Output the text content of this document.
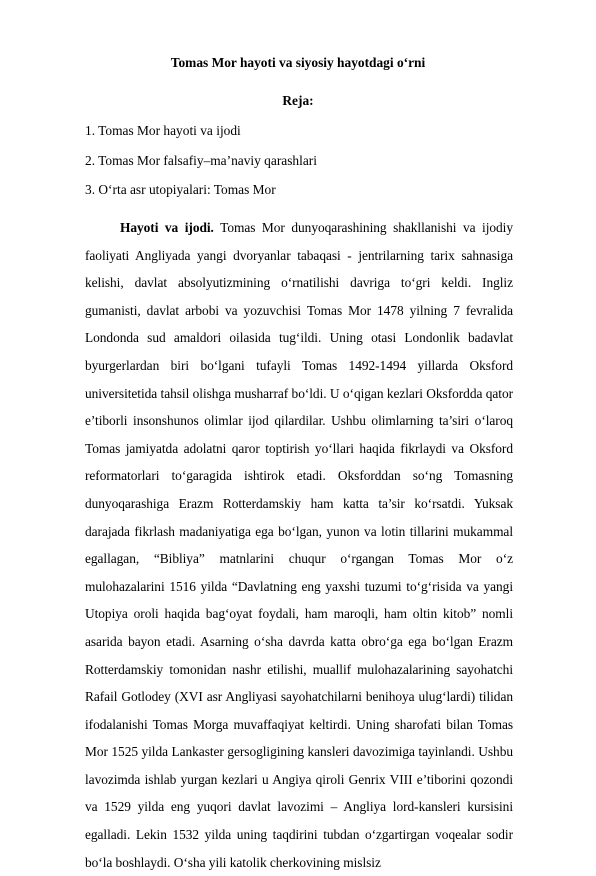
Tomas Mor hayoti va siyosiy hayotdagi o‘rni
Reja:
1. Tomas Mor hayoti va ijodi
2. Tomas Mor falsafiy–ma’naviy qarashlari
3. O‘rta asr utopiyalari: Tomas Mor

Hayoti va ijodi. Tomas Mor dunyoqarashining shakllanishi va ijodiy faoliyati Angliyada yangi dvoryanlar tabaqasi - jentrilarning tarix sahnasiga kelishi, davlat absolyutizmining o‘rnatilishi davriga to‘gri keldi. Ingliz gumanisti, davlat arbobi va yozuvchisi Tomas Mor 1478 yilning 7 fevralida Londonda sud amaldori oilasida tug‘ildi. Uning otasi Londonlik badavlat byurgerlardan biri bo‘lgani tufayli Tomas 1492-1494 yillarda Oksford universitetida tahsil olishga musharraf bo‘ldi. U o‘qigan kezlari Oksfordda qator e’tiborli insonshunos olimlar ijod qilardilar. Ushbu olimlarning ta’siri o‘laroq Tomas jamiyatda adolatni qaror toptirish yo‘llari haqida fikrlaydi va Oksford reformatorlari to‘garagida ishtirok etadi. Oksforddan so‘ng Tomasning dunyoqarashiga Erazm Rotterdamskiy ham katta ta’sir ko‘rsatdi. Yuksak darajada fikrlash madaniyatiga ega bo‘lgan, yunon va lotin tillarini mukammal egallagan, “Bibliya” matnlarini chuqur o‘rgangan Tomas Mor o‘z mulohazalarini 1516 yilda “Davlatning eng yaxshi tuzumi to‘g‘risida va yangi Utopiya oroli haqida bag‘oyat foydali, ham maroqli, ham oltin kitob” nomli asarida bayon etadi. Asarning o‘sha davrda katta obro‘ga ega bo‘lgan Erazm Rotterdamskiy tomonidan nashr etilishi, muallif mulohazalarining sayohatchi Rafail Gotlodey (XVI asr Angliyasi sayohatchilarni benihoya ulug‘lardi) tilidan ifodalanishi Tomas Morga muvaffaqiyat keltirdi. Uning sharofati bilan Tomas Mor 1525 yilda Lankaster gersogligining kansleri davozimiga tayinlandi. Ushbu lavozimda ishlab yurgan kezlari u Angiya qiroli Genrix VIII e’tiborini qozondi va 1529 yilda eng yuqori davlat lavozimi – Angliya lord-kansleri kursisini egalladi. Lekin 1532 yilda uning taqdirini tubdan o‘zgartirgan voqealar sodir bo‘la boshlaydi. O‘sha yili katolik cherkovining mislsiz
